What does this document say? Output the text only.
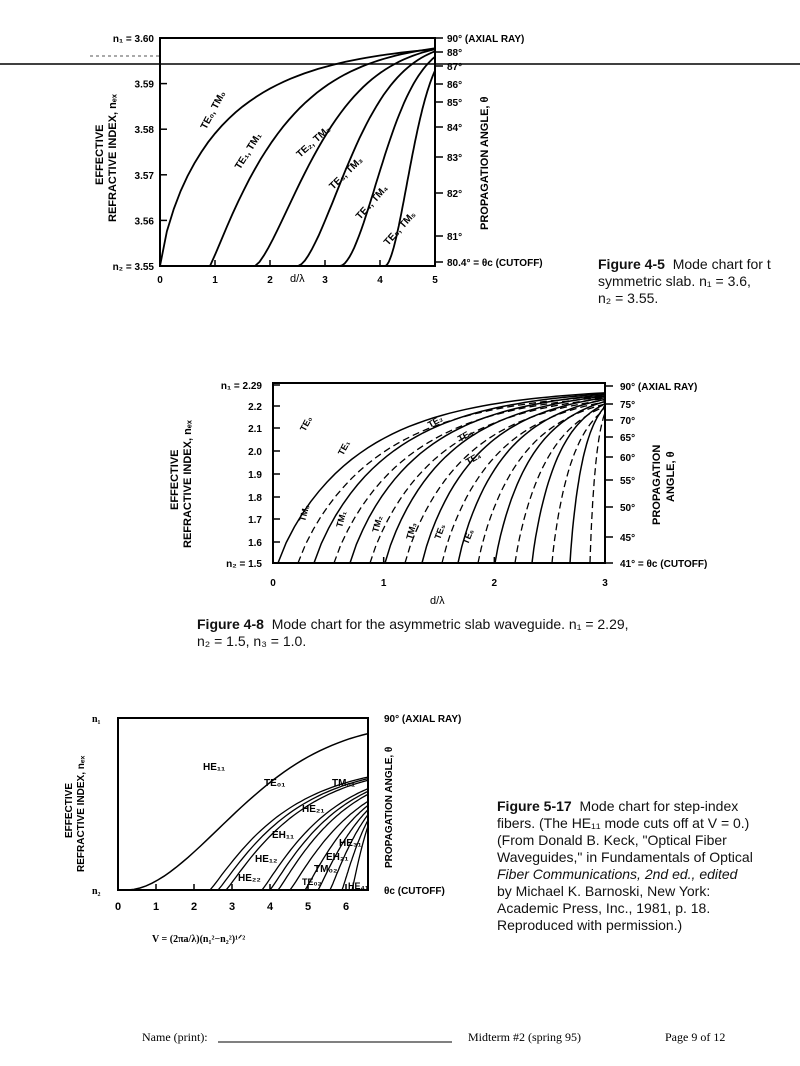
0	1	2	3	4	5
n₁ = 3.60
3.59
3.58
3.57
3.56
n₂ = 3.55
90° (AXIAL RAY)
88°
87°
86°
85°
84°
83°
82°
81°
80.4° = θc (CUTOFF)
EFFECTIVE REFRACTIVE INDEX, nₑₓ
d/λ
PROPAGATION ANGLE, θ
TE₀, TM₀
TE₁, TM₁	TE₂, TM₂
TE₃, TM₃
TE₄, TM₄
TE₅, TM₅
0	1	2	3
n₁ = 2.29
2.2
2.1
2.0
1.9
1.8
1.7
1.6
n₂ = 1.5
90° (AXIAL RAY)
75°
70°
65°
60°
55°
50°
45°
41° = θc (CUTOFF)
EFFECTIVE REFRACTIVE INDEX, nₑₓ
d/λ
PROPAGATION ANGLE, θ
TE₀
TE₁
TE₂
TE₃
TE₄
TM₀	TM₁ TM₂ TM₃ TE₅ TE₆
0	1	2	3	4	5	6
EFFECTIVE REFRACTIVE INDEX, nₑₓ	PROPAGATION ANGLE, θ
n₁
n₂
90° (AXIAL RAY)
θc (CUTOFF)
V = (2πa/λ)(n₁²−n₂²)¹ᐟ²
HE₁₁
TE₀₁	TM₀₁
HE₂₁
EH₁₁
HE₁₂
HE₃₁
EH₂₁
TM₀₂
TE₀₂
HE₂₂
HE₄₁
Figure 4-5 Mode chart for t
symmetric slab. n₁ = 3.6,
n₂ = 3.55.
Figure 4-8 Mode chart for the asymmetric slab waveguide. n₁ = 2.29,
n₂ = 1.5, n₃ = 1.0.
Figure 5-17 Mode chart for step-index
fibers. (The HE₁₁ mode cuts off at V = 0.)
(From Donald B. Keck, "Optical Fiber
Waveguides," in Fundamentals of Optical
Fiber Communications, 2nd ed., edited
by Michael K. Barnoski, New York:
Academic Press, Inc., 1981, p. 18.
Reproduced with permission.)
Name (print):	Midterm #2 (spring 95)	Page 9 of 12
